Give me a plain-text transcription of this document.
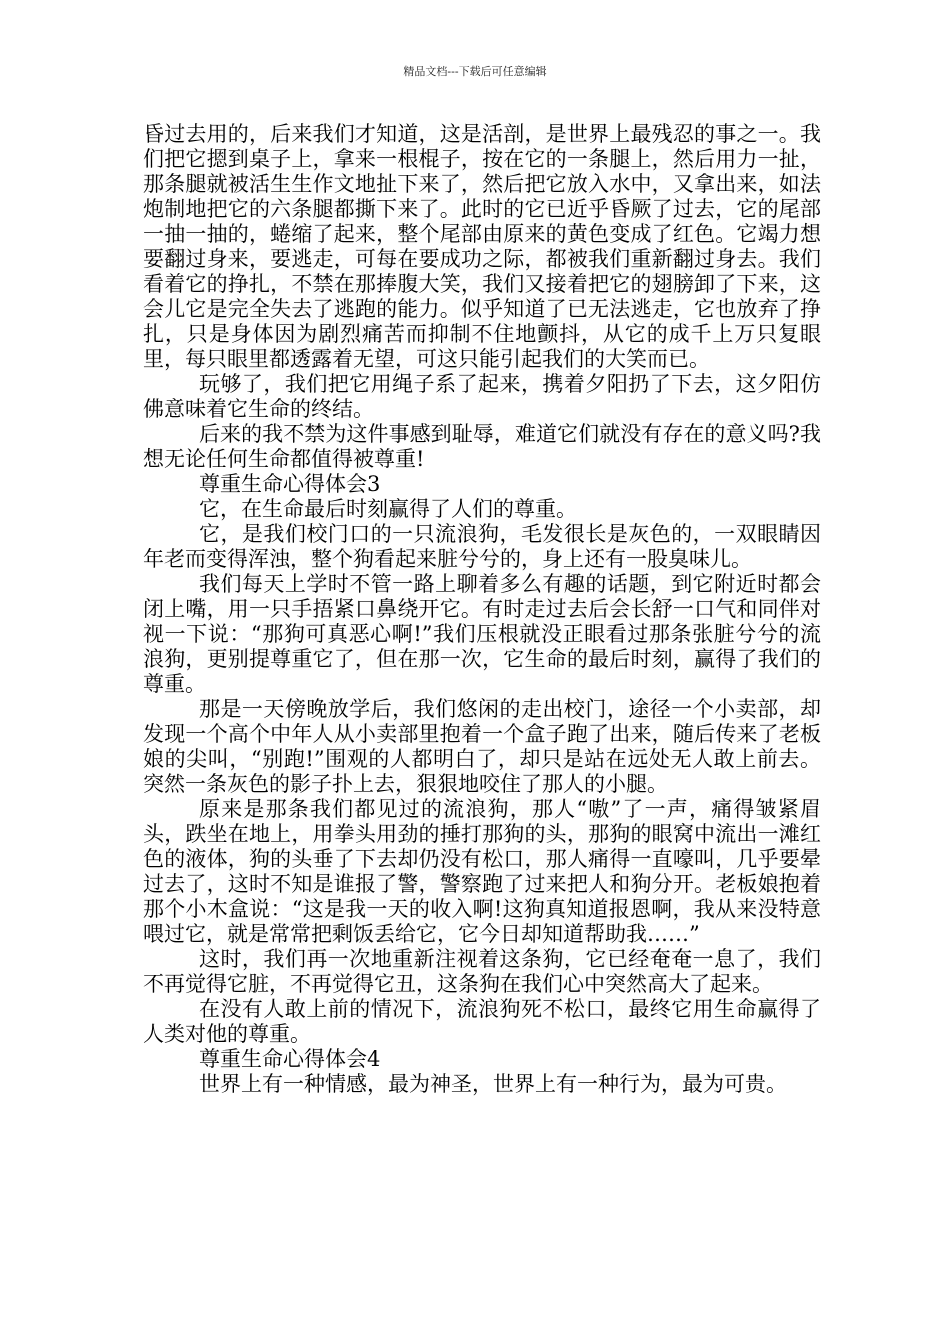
精品文档---下载后可任意编辑

昏过去用的，后来我们才知道，这是活剖，是世界上最残忍的事之一。我们把它摁到桌子上，拿来一根棍子，按在它的一条腿上，然后用力一扯，那条腿就被活生生作文地扯下来了，然后把它放入水中，又拿出来，如法炮制地把它的六条腿都撕下来了。此时的它已近乎昏厥了过去，它的尾部一抽一抽的，蜷缩了起来，整个尾部由原来的黄色变成了红色。它竭力想要翻过身来，要逃走，可每在要成功之际，都被我们重新翻过身去。我们看着它的挣扎，不禁在那捧腹大笑，我们又接着把它的翅膀卸了下来，这会儿它是完全失去了逃跑的能力。似乎知道了已无法逃走，它也放弃了挣扎，只是身体因为剧烈痛苦而抑制不住地颤抖，从它的成千上万只复眼里，每只眼里都透露着无望，可这只能引起我们的大笑而已。

玩够了，我们把它用绳子系了起来，携着夕阳扔了下去，这夕阳仿佛意味着它生命的终结。

后来的我不禁为这件事感到耻辱，难道它们就没有存在的意义吗?我想无论任何生命都值得被尊重!

尊重生命心得体会3

它，在生命最后时刻赢得了人们的尊重。

它，是我们校门口的一只流浪狗，毛发很长是灰色的，一双眼睛因年老而变得浑浊，整个狗看起来脏兮兮的，身上还有一股臭味儿。

我们每天上学时不管一路上聊着多么有趣的话题，到它附近时都会闭上嘴，用一只手捂紧口鼻绕开它。有时走过去后会长舒一口气和同伴对视一下说：“那狗可真恶心啊!”我们压根就没正眼看过那条张脏兮兮的流浪狗，更别提尊重它了，但在那一次，它生命的最后时刻，赢得了我们的尊重。

那是一天傍晚放学后，我们悠闲的走出校门，途径一个小卖部，却发现一个高个中年人从小卖部里抱着一个盒子跑了出来，随后传来了老板娘的尖叫，“别跑!”围观的人都明白了，却只是站在远处无人敢上前去。突然一条灰色的影子扑上去，狠狠地咬住了那人的小腿。

原来是那条我们都见过的流浪狗，那人“嗷”了一声，痛得皱紧眉头，跌坐在地上，用拳头用劲的捶打那狗的头，那狗的眼窝中流出一滩红色的液体，狗的头垂了下去却仍没有松口，那人痛得一直嚎叫，几乎要晕过去了，这时不知是谁报了警，警察跑了过来把人和狗分开。老板娘抱着那个小木盒说：“这是我一天的收入啊!这狗真知道报恩啊，我从来没特意喂过它，就是常常把剩饭丢给它，它今日却知道帮助我……”

这时，我们再一次地重新注视着这条狗，它已经奄奄一息了，我们不再觉得它脏，不再觉得它丑，这条狗在我们心中突然高大了起来。

在没有人敢上前的情况下，流浪狗死不松口，最终它用生命赢得了人类对他的尊重。

尊重生命心得体会4

世界上有一种情感，最为神圣，世界上有一种行为，最为可贵。
